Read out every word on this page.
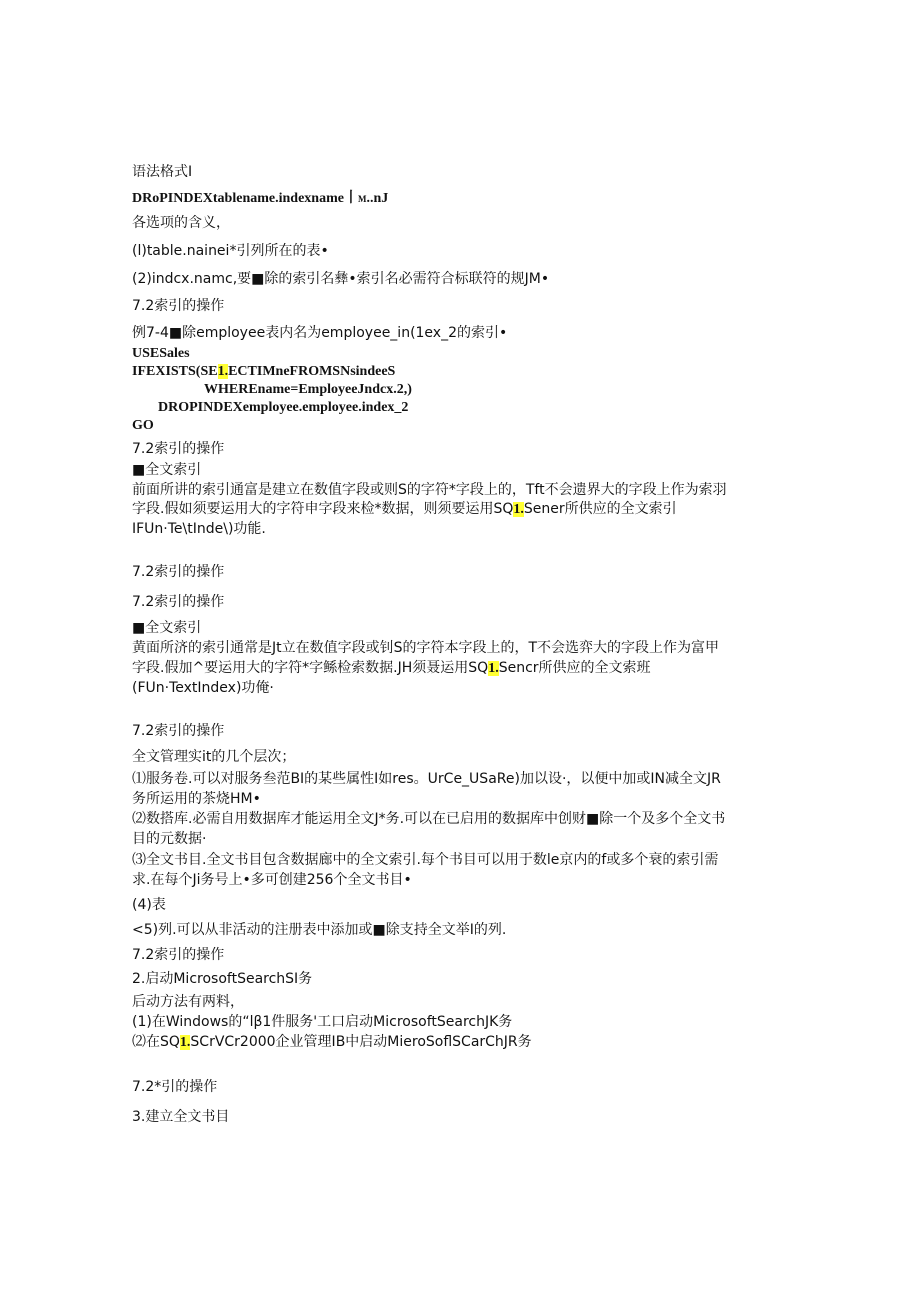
语法格式I
DRoPINDEXtablename.indexname丨M..nJ
各选项的含义，
(l)table.nainei*引列所在的表•
(2)indcx.namc,要■除的索引名彝•索引名必需符合标联符的规JM•
7.2索引的操作
例7-4■除employee表内名为employee_in(1ex_2的索引•
USESales
IFEXISTS(SE1.ECTIMneFROMSNsindeeS
WHEREname=EmployeeJndcx.2,)
DROPINDEXemployee.employee.index_2
GO
7.2索引的操作
■全文索引
前面所讲的索引通富是建立在数值字段或则S的字符*字段上的，Tft不会遗界大的字段上作为索羽
字段.假如须要运用大的字符申字段来检*数据，则须要运用SQ1.Sener所供应的全文索引
IFUn·Te\tInde\)功能.
7.2索引的操作
7.2索引的操作
■全文索引
黄面所济的索引通常是Jt立在数值字段或钊S的字符本字段上的，T不会选弈大的字段上作为富甲
字段.假加^要运用大的字符*字鲧检索数据.JH须聂运用SQ1.Sencr所供应的全文索班
(FUn·TextIndex)功俺·
7.2索引的操作
全文管理实it的几个层次；
⑴服务卷.可以对服务叁范BI的某些属性I如res。UrCe_USaRe)加以设·，以便中加或IN减全文JR
务所运用的茶烧HM•
⑵数搭库.必需自用数据库才能运用全文J*务.可以在已启用的数据库中创财■除一个及多个全文书
目的元数据·
⑶全文书目.全文书目包含数据廊中的全文索引.每个书目可以用于数le京内的f或多个衰的索引需
求.在每个Ji务号上•多可创建256个全文书目•
(4)表
<5)列.可以从非活动的注册表中添加或■除支持全文举I的列.
7.2索引的操作
2.启动MicrosoftSearchSI务
后动方法有两料，
(1)在Windows的“lβ1件服务'工口启动MicrosoftSearchJK务
⑵在SQ1.SCrVCr2000企业管理IB中启动MieroSoflSCarChJR务
7.2*引的操作
3.建立全文书目
